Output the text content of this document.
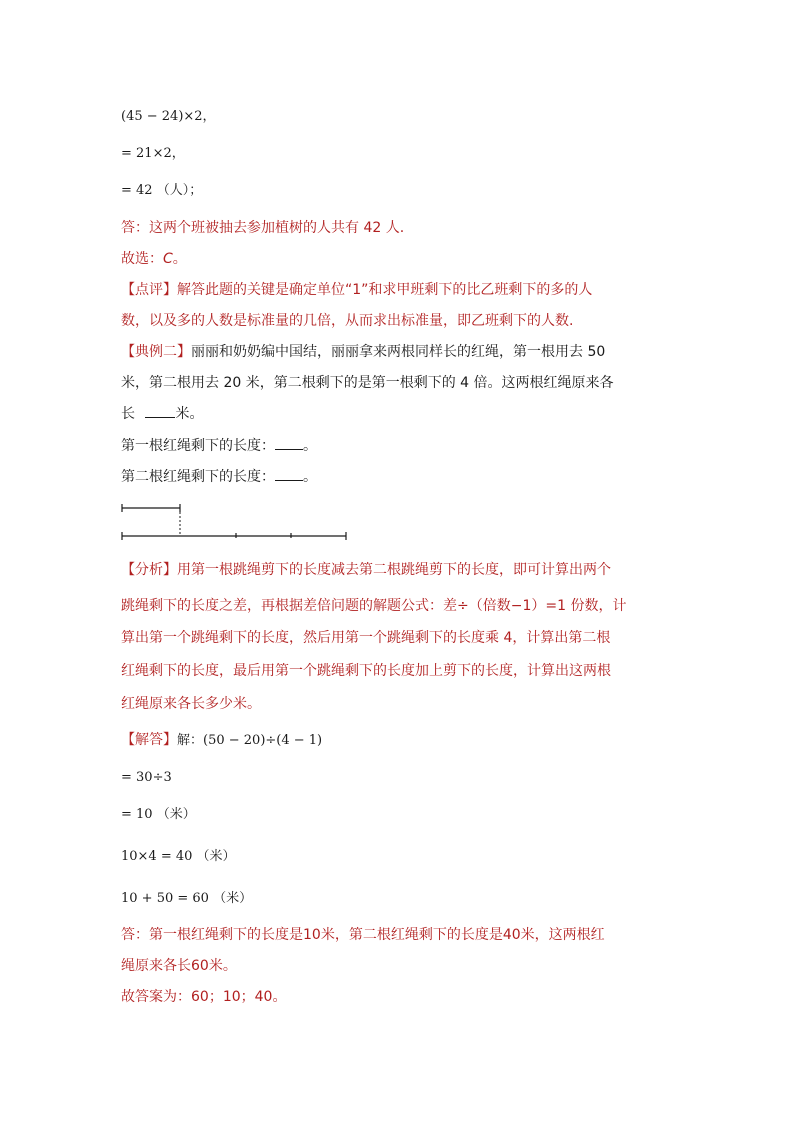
(45 − 24)×2，
= 21×2，
= 42 （人）；
答：这两个班被抽去参加植树的人共有 42 人.
故选：C。
【点评】解答此题的关键是确定单位“1”和求甲班剩下的比乙班剩下的多的人
数，以及多的人数是标准量的几倍，从而求出标准量，即乙班剩下的人数.
【典例二】丽丽和奶奶编中国结，丽丽拿来两根同样长的红绳，第一根用去 50
米，第二根用去 20 米，第二根剩下的是第一根剩下的 4 倍。这两根红绳原来各
长	米。
第一根红绳剩下的长度： 。
第二根红绳剩下的长度： 。
【分析】用第一根跳绳剪下的长度减去第二根跳绳剪下的长度，即可计算出两个
跳绳剩下的长度之差，再根据差倍问题的解题公式：差÷（倍数−1）=1 份数，计
算出第一个跳绳剩下的长度，然后用第一个跳绳剩下的长度乘 4，计算出第二根
红绳剩下的长度，最后用第一个跳绳剩下的长度加上剪下的长度，计算出这两根
红绳原来各长多少米。
【解答】解：(50 − 20)÷(4 − 1)
= 30÷3
= 10 （米）
10×4 = 40 （米）
10 + 50 = 60 （米）
答：第一根红绳剩下的长度是10米，第二根红绳剩下的长度是40米，这两根红
绳原来各长60米。
故答案为：60；10；40。
